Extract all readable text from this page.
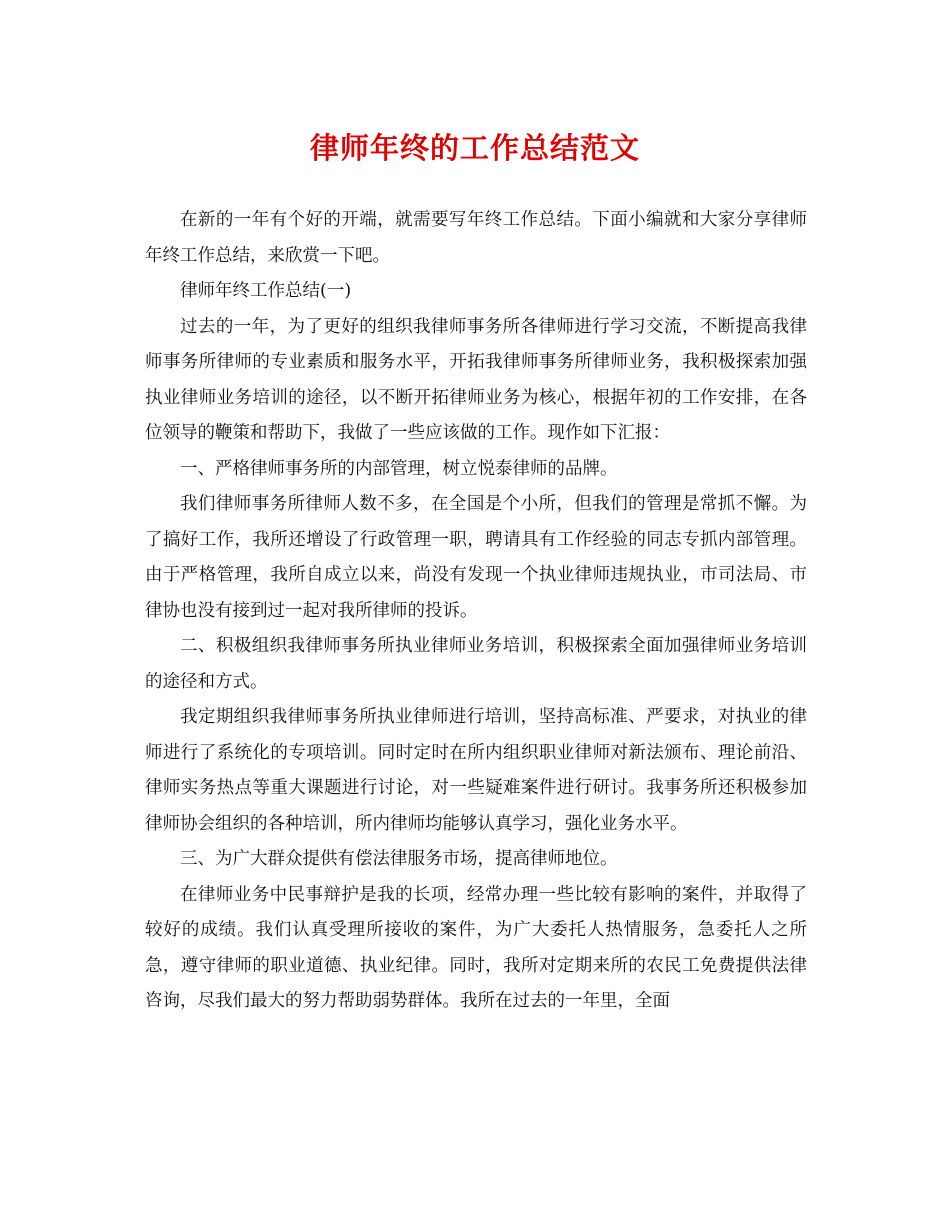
律师年终的工作总结范文

在新的一年有个好的开端，就需要写年终工作总结。下面小编就和大家分享律师年终工作总结，来欣赏一下吧。

律师年终工作总结(一)

过去的一年，为了更好的组织我律师事务所各律师进行学习交流，不断提高我律师事务所律师的专业素质和服务水平，开拓我律师事务所律师业务，我积极探索加强执业律师业务培训的途径，以不断开拓律师业务为核心，根据年初的工作安排，在各位领导的鞭策和帮助下，我做了一些应该做的工作。现作如下汇报：

一、严格律师事务所的内部管理，树立悦泰律师的品牌。

我们律师事务所律师人数不多，在全国是个小所，但我们的管理是常抓不懈。为了搞好工作，我所还增设了行政管理一职，聘请具有工作经验的同志专抓内部管理。由于严格管理，我所自成立以来，尚没有发现一个执业律师违规执业，市司法局、市律协也没有接到过一起对我所律师的投诉。

二、积极组织我律师事务所执业律师业务培训，积极探索全面加强律师业务培训的途径和方式。

我定期组织我律师事务所执业律师进行培训，坚持高标准、严要求，对执业的律师进行了系统化的专项培训。同时定时在所内组织职业律师对新法颁布、理论前沿、律师实务热点等重大课题进行讨论，对一些疑难案件进行研讨。我事务所还积极参加律师协会组织的各种培训，所内律师均能够认真学习，强化业务水平。

三、为广大群众提供有偿法律服务市场，提高律师地位。

在律师业务中民事辩护是我的长项，经常办理一些比较有影响的案件，并取得了较好的成绩。我们认真受理所接收的案件，为广大委托人热情服务，急委托人之所急，遵守律师的职业道德、执业纪律。同时，我所对定期来所的农民工免费提供法律咨询，尽我们最大的努力帮助弱势群体。我所在过去的一年里，全面
